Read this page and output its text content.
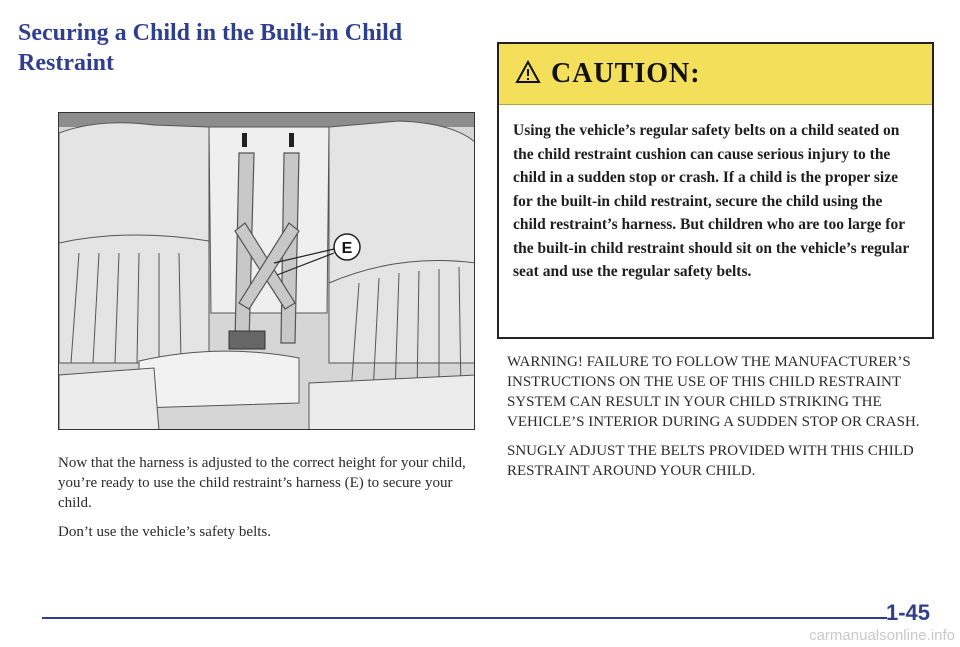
Securing a Child in the Built-in Child Restraint
E

Now that the harness is adjusted to the correct height for your child, you’re ready to use the child restraint’s harness (E) to secure your child.

Don’t use the vehicle’s safety belts.

CAUTION:
Using the vehicle’s regular safety belts on a child seated on the child restraint cushion can cause serious injury to the child in a sudden stop or crash. If a child is the proper size for the built-in child restraint, secure the child using the child restraint’s harness. But children who are too large for the built-in child restraint should sit on the vehicle’s regular seat and use the regular safety belts.

WARNING! FAILURE TO FOLLOW THE MANUFACTURER’S INSTRUCTIONS ON THE USE OF THIS CHILD RESTRAINT SYSTEM CAN RESULT IN YOUR CHILD STRIKING THE VEHICLE’S INTERIOR DURING A SUDDEN STOP OR CRASH.

SNUGLY ADJUST THE BELTS PROVIDED WITH THIS CHILD RESTRAINT AROUND YOUR CHILD.

1-45
carmanualsonline.info
